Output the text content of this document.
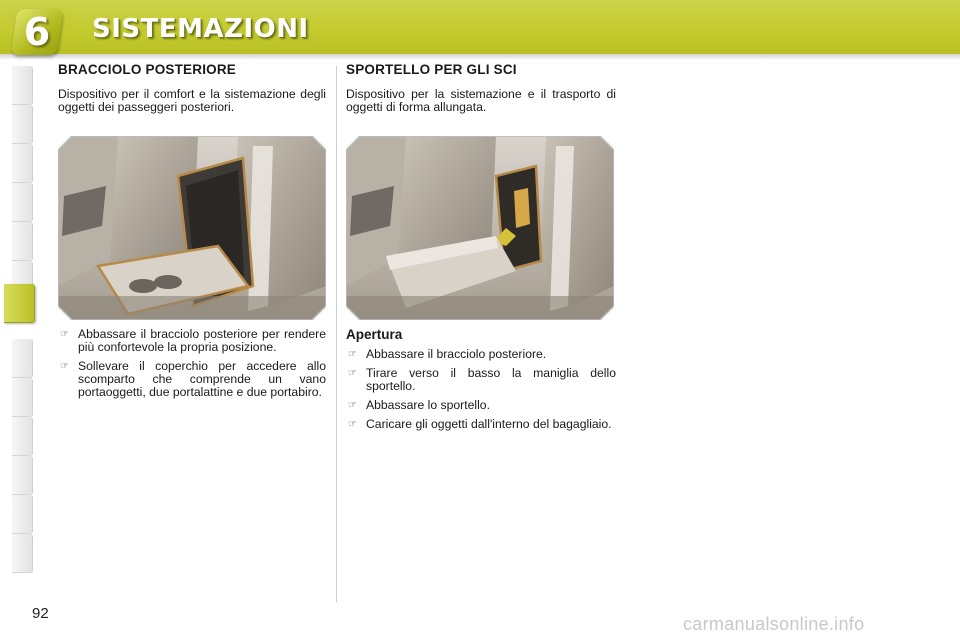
6	SISTEMAZIONI
BRACCIOLO POSTERIORE

Dispositivo per il comfort e la sistemazione degli oggetti dei passeggeri posteriori.

☞ Abbassare il bracciolo posteriore per rendere più confortevole la propria posizione.
☞ Sollevare il coperchio per accedere allo scomparto che comprende un vano portaoggetti, due portalattine e due portabiro.
SPORTELLO PER GLI SCI

Dispositivo per la sistemazione e il trasporto di oggetti di forma allungata.

Apertura
☞ Abbassare il bracciolo posteriore.
☞ Tirare verso il basso la maniglia dello sportello.
☞ Abbassare lo sportello.
☞ Caricare gli oggetti dall'interno del bagagliaio.
92
carmanualsonline.info
